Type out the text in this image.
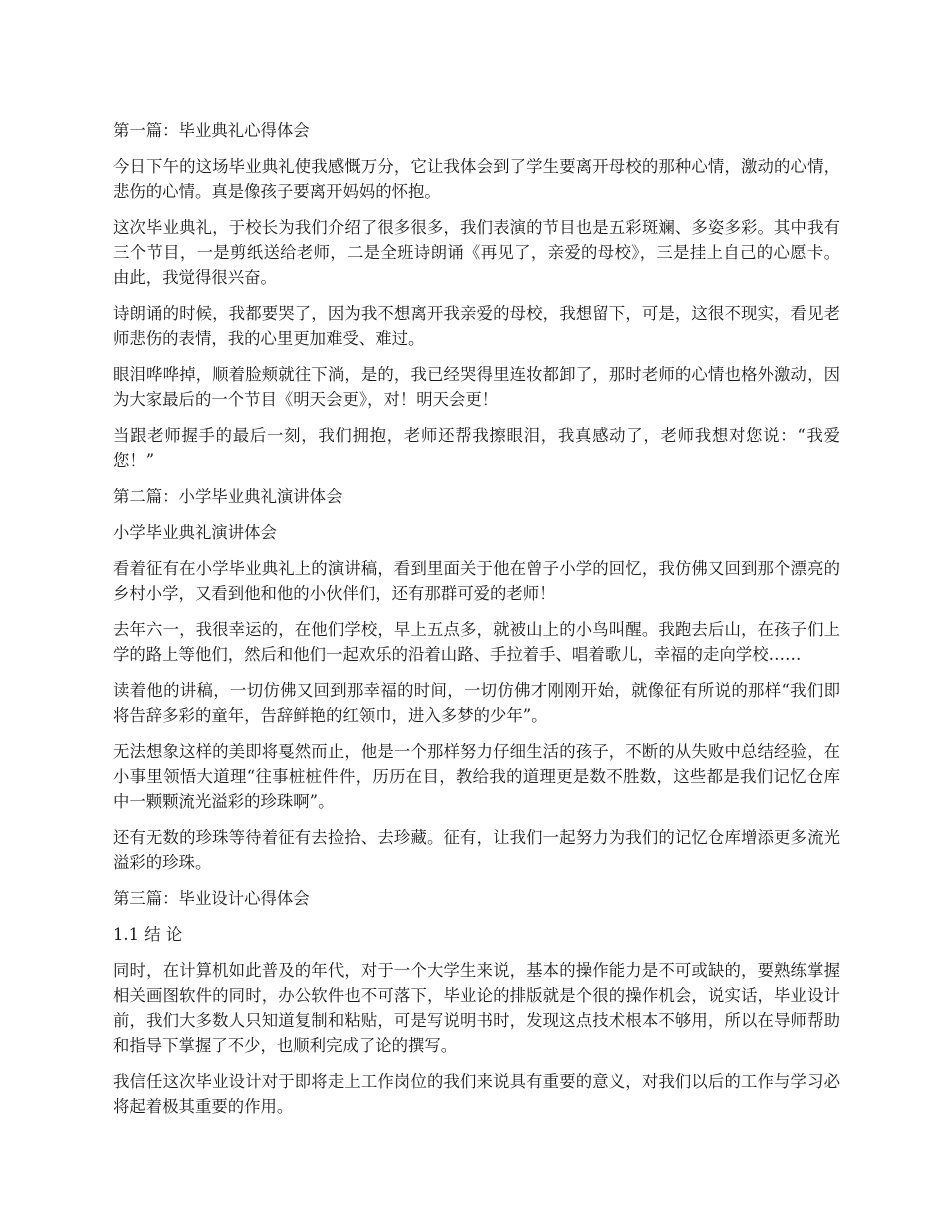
第一篇：毕业典礼心得体会
今日下午的这场毕业典礼使我感慨万分，它让我体会到了学生要离开母校的那种心情，激动的心情，悲伤的心情。真是像孩子要离开妈妈的怀抱。
这次毕业典礼，于校长为我们介绍了很多很多，我们表演的节目也是五彩斑斓、多姿多彩。其中我有三个节目，一是剪纸送给老师，二是全班诗朗诵《再见了，亲爱的母校》，三是挂上自己的心愿卡。由此，我觉得很兴奋。
诗朗诵的时候，我都要哭了，因为我不想离开我亲爱的母校，我想留下，可是，这很不现实，看见老师悲伤的表情，我的心里更加难受、难过。
眼泪哗哗掉，顺着脸颊就往下淌，是的，我已经哭得里连妆都卸了，那时老师的心情也格外激动，因为大家最后的一个节目《明天会更》，对！明天会更！
当跟老师握手的最后一刻，我们拥抱，老师还帮我擦眼泪，我真感动了，老师我想对您说：“我爱您！”
第二篇：小学毕业典礼演讲体会
小学毕业典礼演讲体会
看着征有在小学毕业典礼上的演讲稿，看到里面关于他在曾子小学的回忆，我仿佛又回到那个漂亮的乡村小学，又看到他和他的小伙伴们，还有那群可爱的老师！
去年六一，我很幸运的，在他们学校，早上五点多，就被山上的小鸟叫醒。我跑去后山，在孩子们上学的路上等他们，然后和他们一起欢乐的沿着山路、手拉着手、唱着歌儿，幸福的走向学校……
读着他的讲稿，一切仿佛又回到那幸福的时间，一切仿佛才刚刚开始，就像征有所说的那样“我们即将告辞多彩的童年，告辞鲜艳的红领巾，进入多梦的少年”。
无法想象这样的美即将戛然而止，他是一个那样努力仔细生活的孩子，不断的从失败中总结经验，在小事里领悟大道理“往事桩桩件件，历历在目，教给我的道理更是数不胜数，这些都是我们记忆仓库中一颗颗流光溢彩的珍珠啊”。
还有无数的珍珠等待着征有去捡拾、去珍藏。征有，让我们一起努力为我们的记忆仓库增添更多流光溢彩的珍珠。
第三篇：毕业设计心得体会
1.1 结 论
同时，在计算机如此普及的年代，对于一个大学生来说，基本的操作能力是不可或缺的，要熟练掌握相关画图软件的同时，办公软件也不可落下，毕业论的排版就是个很的操作机会，说实话，毕业设计前，我们大多数人只知道复制和粘贴，可是写说明书时，发现这点技术根本不够用，所以在导师帮助和指导下掌握了不少，也顺利完成了论的撰写。
我信任这次毕业设计对于即将走上工作岗位的我们来说具有重要的意义，对我们以后的工作与学习必将起着极其重要的作用。
